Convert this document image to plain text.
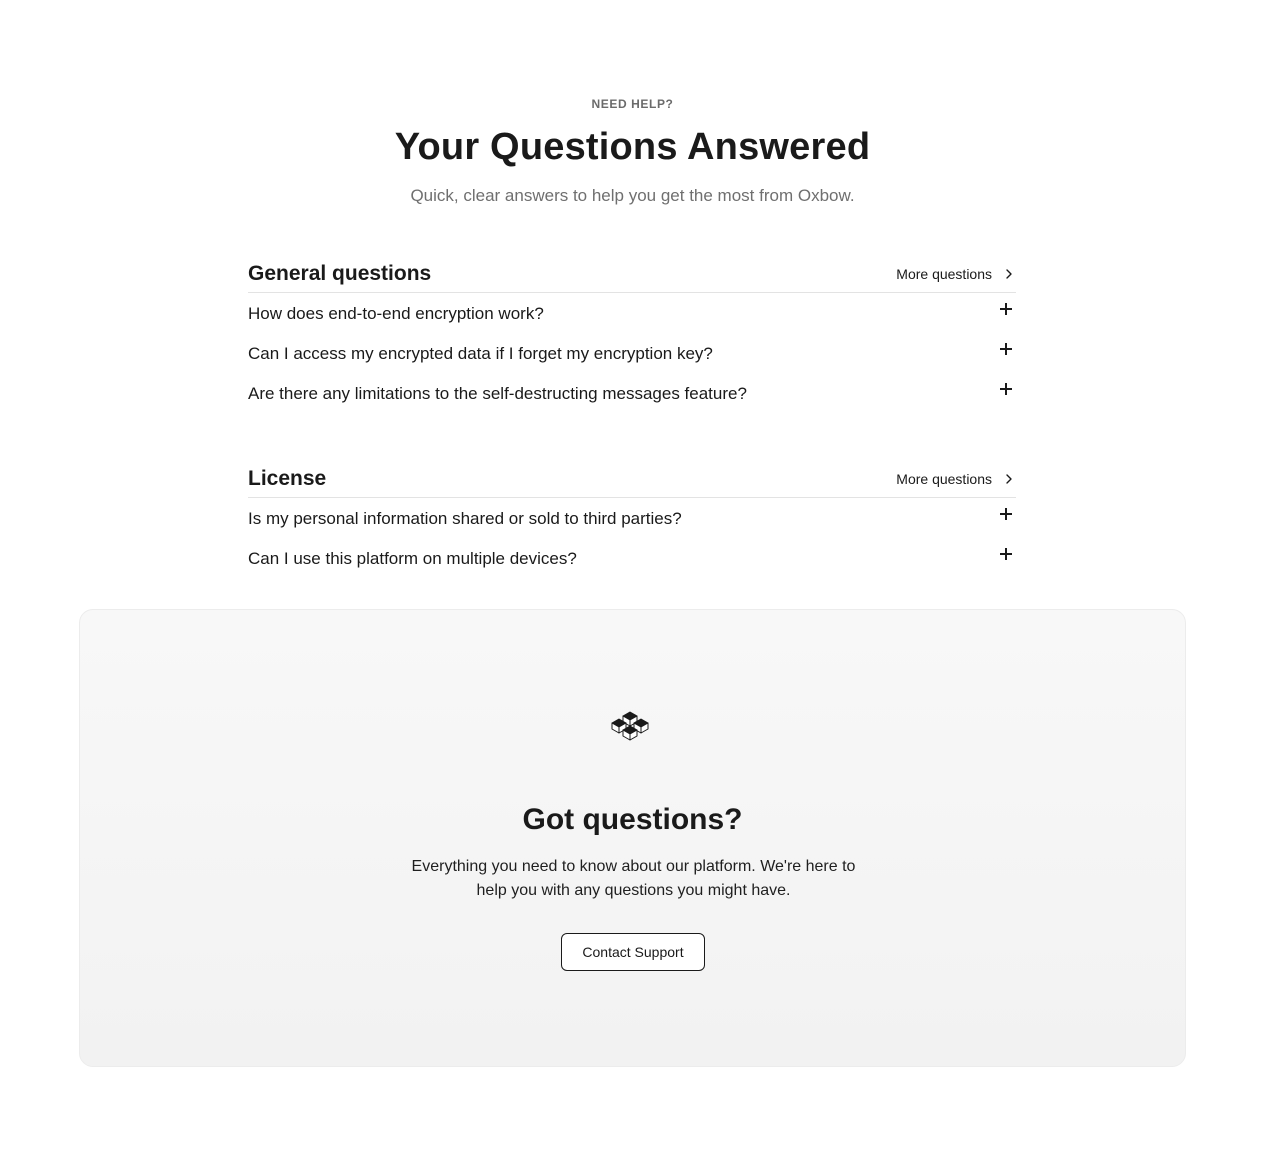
NEED HELP?
Your Questions Answered

Quick, clear answers to help you get the most from Oxbow.

General questions	More questions
How does end-to-end encryption work?
Can I access my encrypted data if I forget my encryption key?
Are there any limitations to the self-destructing messages feature?
License	More questions
Is my personal information shared or sold to third parties?
Can I use this platform on multiple devices?
Got questions?

Everything you need to know about our platform. We're here to help you with any questions you might have.

Contact Support
